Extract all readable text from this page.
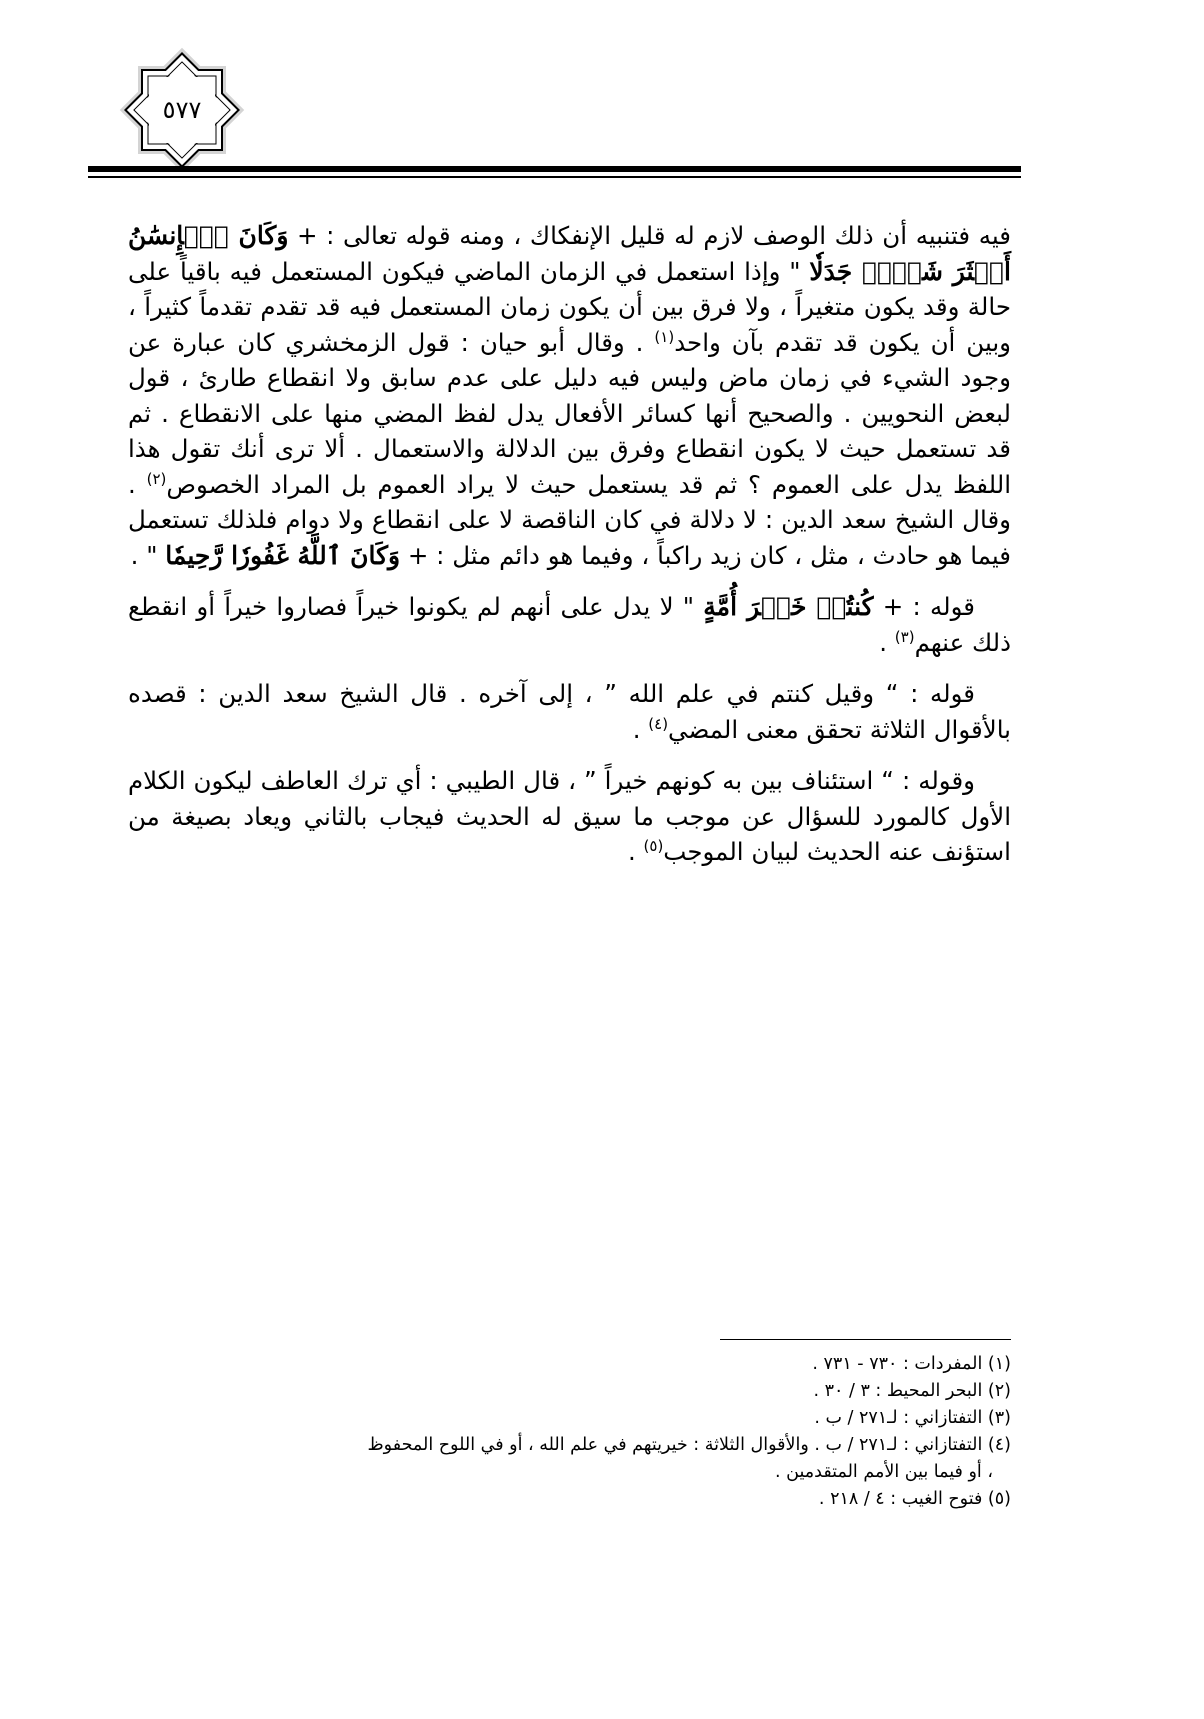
٥٧٧

فيه فتنبيه أن ذلك الوصف لازم له قليل الإنفكاك ، ومنه قوله تعالى : + وَكَانَ ٱلۡإِنسَٰنُ أَكۡثَرَ شَيۡءٖ جَدَلٗا " وإذا استعمل في الزمان الماضي فيكون المستعمل فيه باقياً على حالة وقد يكون متغيراً ، ولا فرق بين أن يكون زمان المستعمل فيه قد تقدم تقدماً كثيراً ، وبين أن يكون قد تقدم بآن واحد$^{(١)}$ . وقال أبو حيان : قول الزمخشري كان عبارة عن وجود الشيء في زمان ماض وليس فيه دليل على عدم سابق ولا انقطاع طارئ ، قول لبعض النحويين . والصحيح أنها كسائر الأفعال يدل لفظ المضي منها على الانقطاع . ثم قد تستعمل حيث لا يكون انقطاع وفرق بين الدلالة والاستعمال . ألا ترى أنك تقول هذا اللفظ يدل على العموم ؟ ثم قد يستعمل حيث لا يراد العموم بل المراد الخصوص$^{(٢)}$ . وقال الشيخ سعد الدين : لا دلالة في كان الناقصة لا على انقطاع ولا دوام فلذلك تستعمل فيما هو حادث ، مثل ، كان زيد راكباً ، وفيما هو دائم مثل : + وَكَانَ ٱللَّهُ غَفُورٗا رَّحِيمٗا " .

قوله : + كُنتُمۡ خَيۡرَ أُمَّةٍ " لا يدل على أنهم لم يكونوا خيراً فصاروا خيراً أو انقطع ذلك عنهم$^{(٣)}$ .

قوله : “ وقيل كنتم في علم الله ” ، إلى آخره . قال الشيخ سعد الدين : قصده بالأقوال الثلاثة تحقق معنى المضي$^{(٤)}$ .

وقوله : “ استئناف بين به كونهم خيراً ” ، قال الطيبي : أي ترك العاطف ليكون الكلام الأول كالمورد للسؤال عن موجب ما سيق له الحديث فيجاب بالثاني ويعاد بصيغة من استؤنف عنه الحديث لبيان الموجب$^{(٥)}$ .

(١) المفردات : ٧٣٠ - ٧٣١ .

(٢) البحر المحيط : ٣ / ٣٠ .

(٣) التفتازاني : لـ٢٧١ / ب .

(٤) التفتازاني : لـ٢٧١ / ب . والأقوال الثلاثة : خيريتهم في علم الله ، أو في اللوح المحفوظ

، أو فيما بين الأمم المتقدمين .

(٥) فتوح الغيب : ٤ / ٢١٨ .
